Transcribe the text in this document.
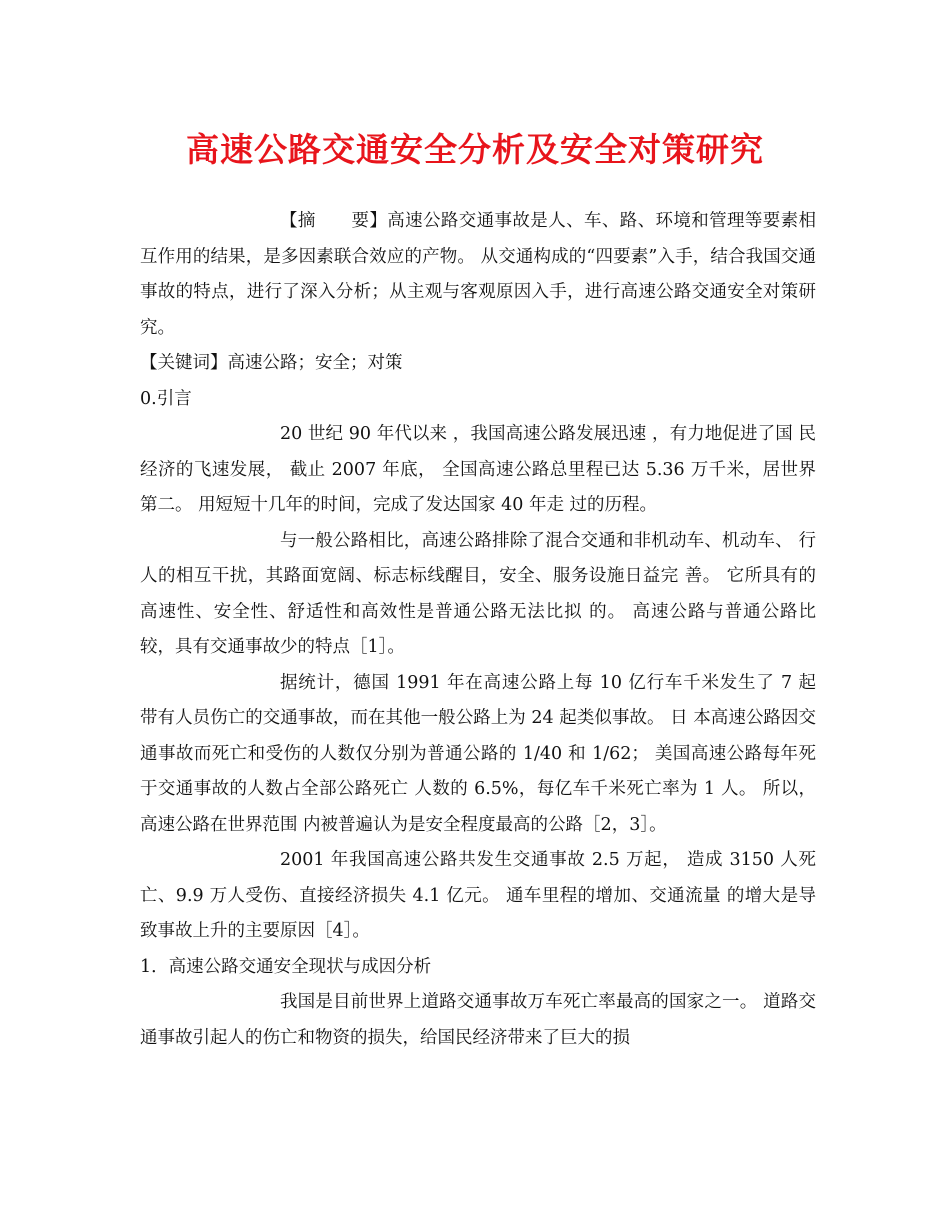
高速公路交通安全分析及安全对策研究

【摘　　要】高速公路交通事故是人、车、路、环境和管理等要素相互作用的结果，是多因素联合效应的产物。 从交通构成的“四要素”入手，结合我国交通事故的特点，进行了深入分析；从主观与客观原因入手，进行高速公路交通安全对策研究。

【关键词】高速公路；安全；对策

0.引言

20 世纪 90 年代以来 ，我国高速公路发展迅速 ，有力地促进了国 民经济的飞速发展， 截止 2007 年底， 全国高速公路总里程已达 5.36 万千米，居世界第二。 用短短十几年的时间，完成了发达国家 40 年走 过的历程。

与一般公路相比，高速公路排除了混合交通和非机动车、机动车、 行人的相互干扰，其路面宽阔、标志标线醒目，安全、服务设施日益完 善。 它所具有的高速性、安全性、舒适性和高效性是普通公路无法比拟 的。 高速公路与普通公路比较，具有交通事故少的特点［1］。

据统计，德国 1991 年在高速公路上每 10 亿行车千米发生了 7 起 带有人员伤亡的交通事故，而在其他一般公路上为 24 起类似事故。 日 本高速公路因交通事故而死亡和受伤的人数仅分别为普通公路的 1/40 和 1/62； 美国高速公路每年死于交通事故的人数占全部公路死亡 人数的 6.5%，每亿车千米死亡率为 1 人。 所以，高速公路在世界范围 内被普遍认为是安全程度最高的公路［2，3］。

2001 年我国高速公路共发生交通事故 2.5 万起， 造成 3150 人死 亡、9.9 万人受伤、直接经济损失 4.1 亿元。 通车里程的增加、交通流量 的增大是导致事故上升的主要原因［4］。

1．高速公路交通安全现状与成因分析

我国是目前世界上道路交通事故万车死亡率最高的国家之一。 道路交通事故引起人的伤亡和物资的损失，给国民经济带来了巨大的损
